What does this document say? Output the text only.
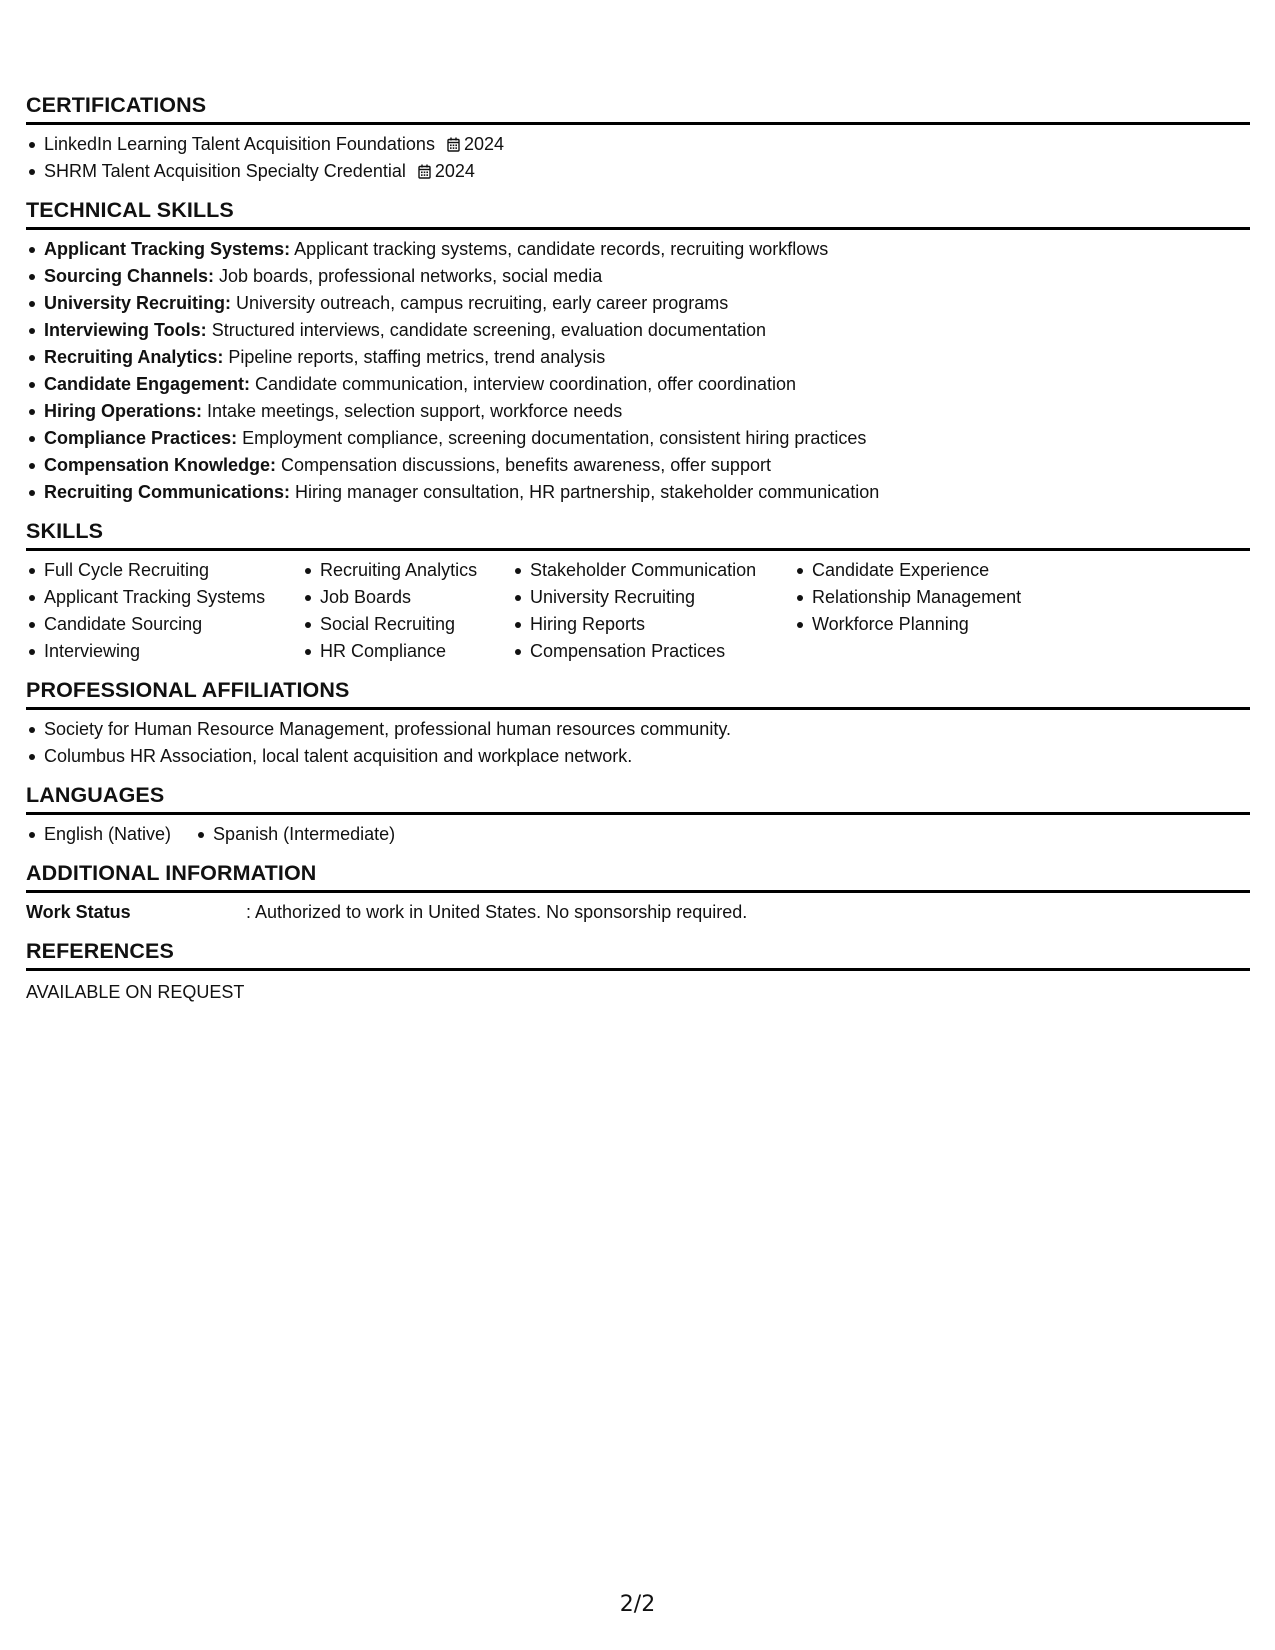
CERTIFICATIONS
LinkedIn Learning Talent Acquisition Foundations 2024
SHRM Talent Acquisition Specialty Credential 2024
TECHNICAL SKILLS
Applicant Tracking Systems: Applicant tracking systems, candidate records, recruiting workflows
Sourcing Channels: Job boards, professional networks, social media
University Recruiting: University outreach, campus recruiting, early career programs
Interviewing Tools: Structured interviews, candidate screening, evaluation documentation
Recruiting Analytics: Pipeline reports, staffing metrics, trend analysis
Candidate Engagement: Candidate communication, interview coordination, offer coordination
Hiring Operations: Intake meetings, selection support, workforce needs
Compliance Practices: Employment compliance, screening documentation, consistent hiring practices
Compensation Knowledge: Compensation discussions, benefits awareness, offer support
Recruiting Communications: Hiring manager consultation, HR partnership, stakeholder communication
SKILLS
Full Cycle Recruiting
Applicant Tracking Systems
Candidate Sourcing
Interviewing
Recruiting Analytics
Job Boards
Social Recruiting
HR Compliance
Stakeholder Communication
University Recruiting
Hiring Reports
Compensation Practices
Candidate Experience
Relationship Management
Workforce Planning
PROFESSIONAL AFFILIATIONS
Society for Human Resource Management, professional human resources community.
Columbus HR Association, local talent acquisition and workplace network.
LANGUAGES
English (Native)	Spanish (Intermediate)
ADDITIONAL INFORMATION
Work Status	: Authorized to work in United States. No sponsorship required.
REFERENCES
AVAILABLE ON REQUEST
2/2
